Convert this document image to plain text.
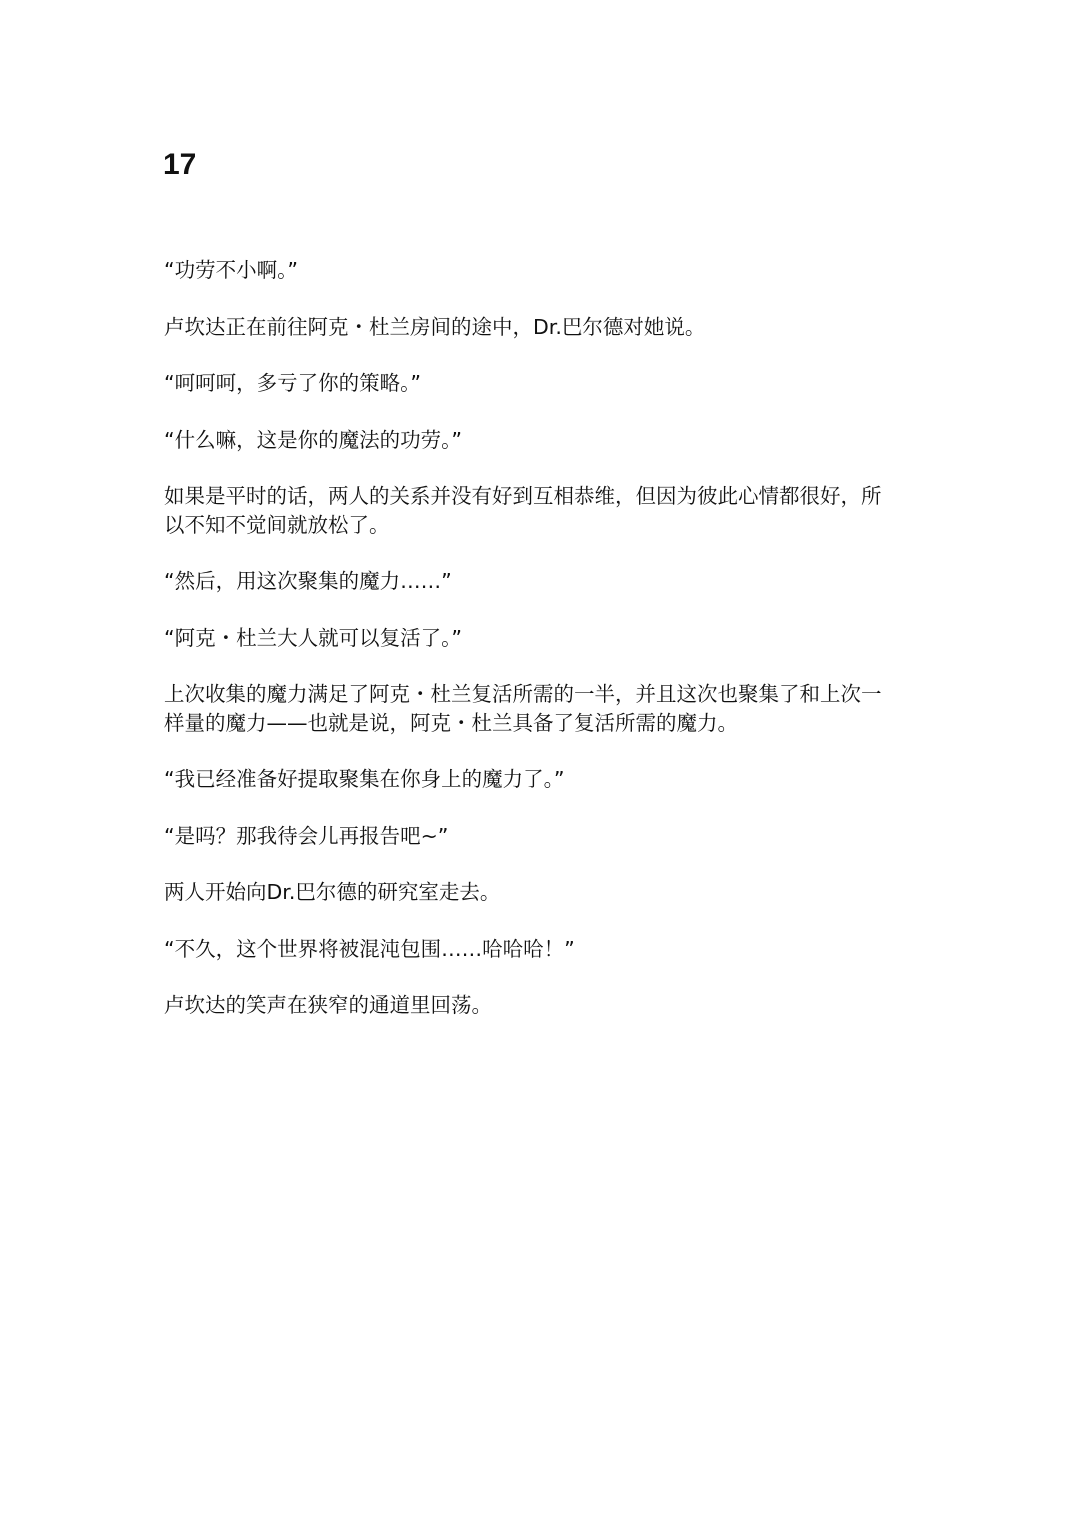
17

“功劳不小啊。”

卢坎达正在前往阿克・杜兰房间的途中，Dr.巴尔德对她说。

“呵呵呵，多亏了你的策略。”

“什么嘛，这是你的魔法的功劳。”

如果是平时的话，两人的关系并没有好到互相恭维，但因为彼此心情都很好，所
以不知不觉间就放松了。

“然后，用这次聚集的魔力……”

“阿克・杜兰大人就可以复活了。”

上次收集的魔力满足了阿克・杜兰复活所需的一半，并且这次也聚集了和上次一
样量的魔力——也就是说，阿克・杜兰具备了复活所需的魔力。

“我已经准备好提取聚集在你身上的魔力了。”

“是吗？那我待会儿再报告吧~”

两人开始向Dr.巴尔德的研究室走去。

“不久，这个世界将被混沌包围……哈哈哈！”

卢坎达的笑声在狭窄的通道里回荡。
